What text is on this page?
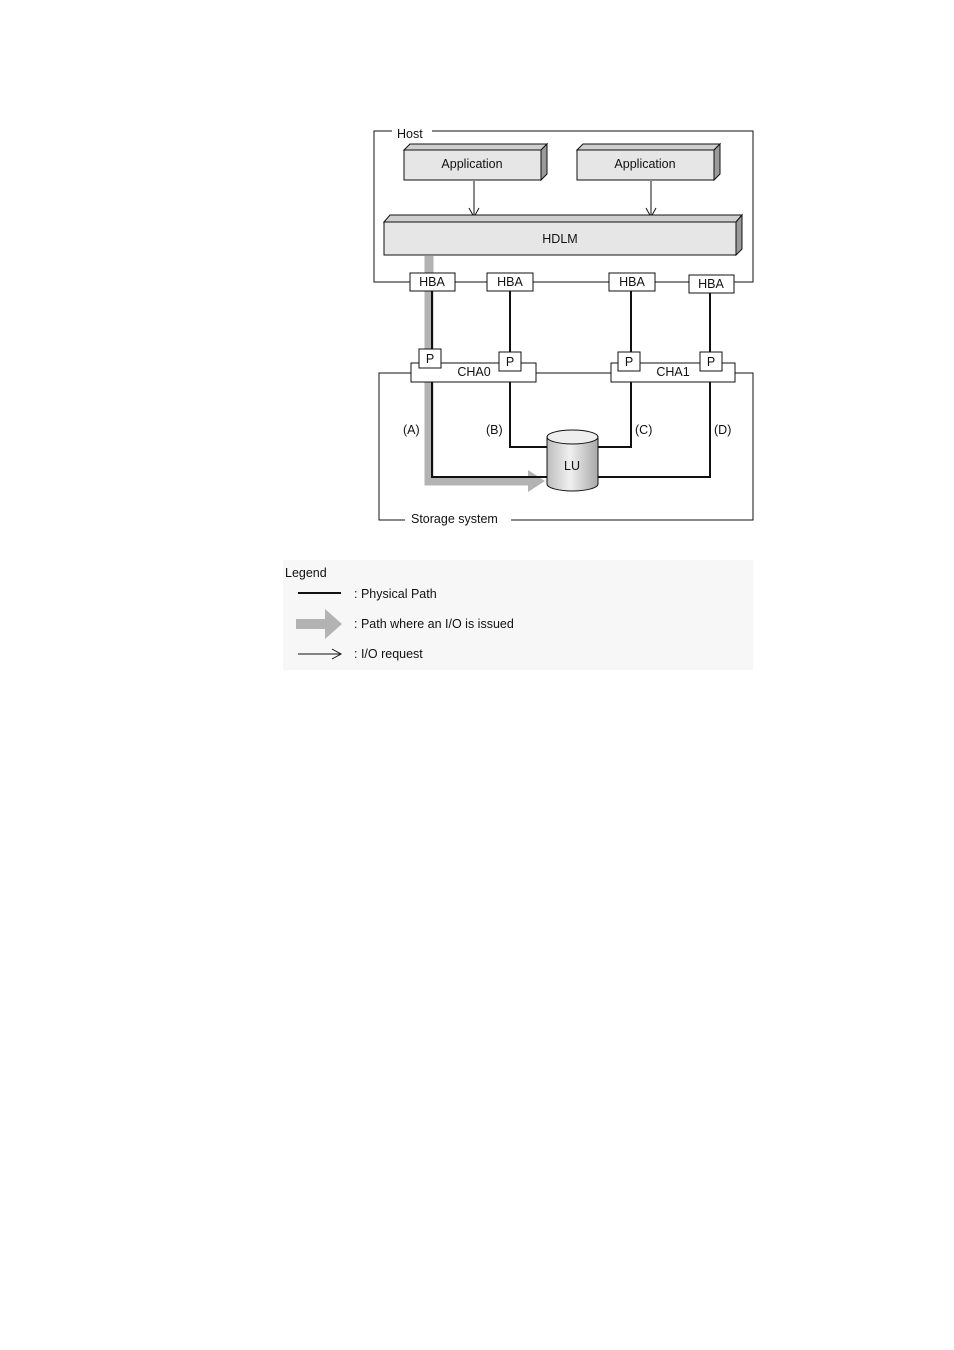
Host
Application	Application
HDLM
Storage system
HBA	HBA	HBA	HBA
CHA0	CHA1
P	P	P	P
(A)	(B)	(C)	(D)
LU
Legend
: Physical Path
: Path where an I/O is issued
: I/O request
